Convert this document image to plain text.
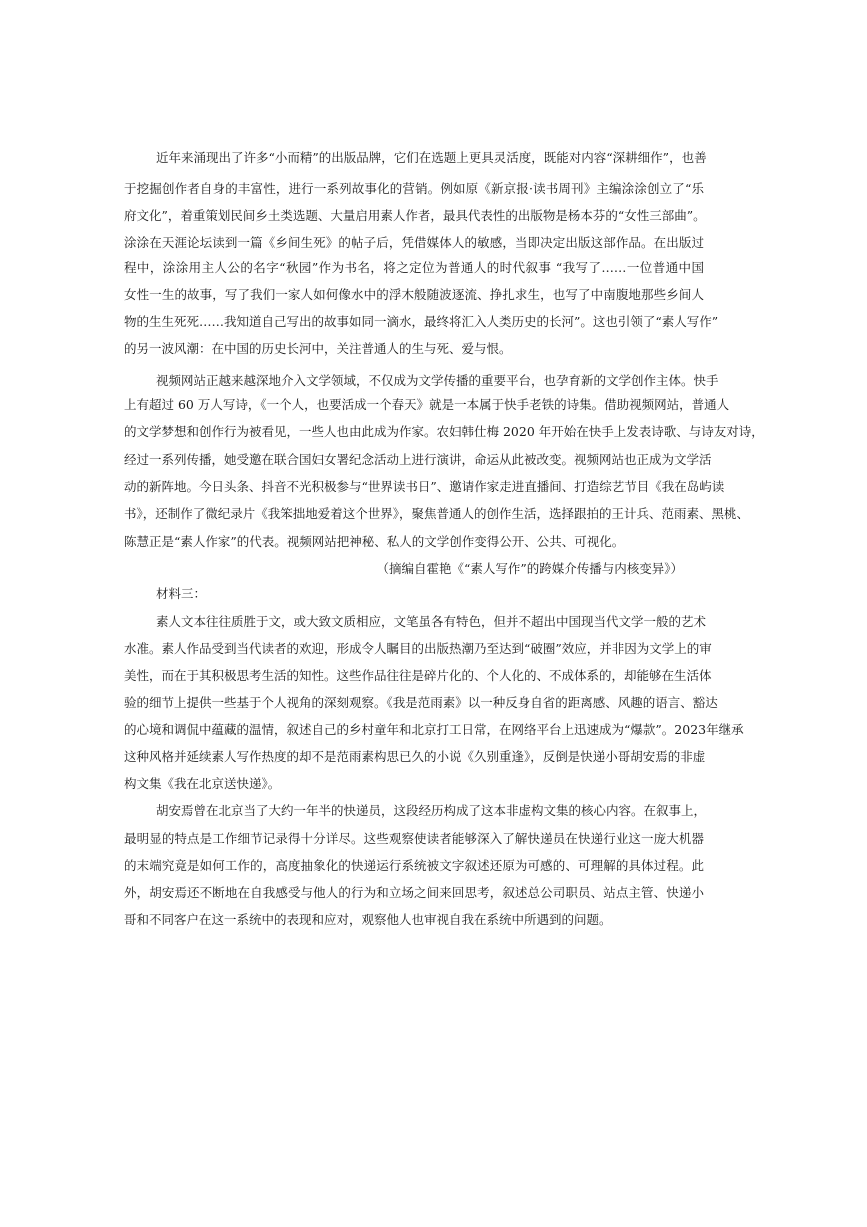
近年来涌现出了许多“小而精”的出版品牌，它们在选题上更具灵活度，既能对内容“深耕细作”，也善
于挖掘创作者自身的丰富性，进行一系列故事化的营销。例如原《新京报·读书周刊》主编涂涂创立了“乐
府文化”，着重策划民间乡土类选题、大量启用素人作者，最具代表性的出版物是杨本芬的“女性三部曲”。
涂涂在天涯论坛读到一篇《乡间生死》的帖子后，凭借媒体人的敏感，当即决定出版这部作品。在出版过
程中，涂涂用主人公的名字“秋园”作为书名，将之定位为普通人的时代叙事 “我写了……一位普通中国
女性一生的故事，写了我们一家人如何像水中的浮木般随波逐流、挣扎求生，也写了中南腹地那些乡间人
物的生生死死……我知道自己写出的故事如同一滴水，最终将汇入人类历史的长河”。这也引领了“素人写作”
的另一波风潮：在中国的历史长河中，关注普通人的生与死、爱与恨。
视频网站正越来越深地介入文学领域，不仅成为文学传播的重要平台，也孕育新的文学创作主体。快手
上有超过 60 万人写诗，《一个人，也要活成一个春天》就是一本属于快手老铁的诗集。借助视频网站，普通人
的文学梦想和创作行为被看见，一些人也由此成为作家。农妇韩仕梅 2020 年开始在快手上发表诗歌、与诗友对诗，
经过一系列传播，她受邀在联合国妇女署纪念活动上进行演讲，命运从此被改变。视频网站也正成为文学活
动的新阵地。今日头条、抖音不光积极参与“世界读书日”、邀请作家走进直播间、打造综艺节目《我在岛屿读
书》，还制作了微纪录片《我笨拙地爱着这个世界》，聚焦普通人的创作生活，选择跟拍的王计兵、范雨素、黑桃、
陈慧正是“素人作家”的代表。视频网站把神秘、私人的文学创作变得公开、公共、可视化。
（摘编自霍艳《“素人写作”的跨媒介传播与内核变异》）
材料三：
素人文本往往质胜于文，或大致文质相应，文笔虽各有特色，但并不超出中国现当代文学一般的艺术
水准。素人作品受到当代读者的欢迎，形成令人瞩目的出版热潮乃至达到“破圈”效应，并非因为文学上的审
美性，而在于其积极思考生活的知性。这些作品往往是碎片化的、个人化的、不成体系的，却能够在生活体
验的细节上提供一些基于个人视角的深刻观察。《我是范雨素》以一种反身自省的距离感、风趣的语言、豁达
的心境和调侃中蕴藏的温情，叙述自己的乡村童年和北京打工日常，在网络平台上迅速成为“爆款”。2023年继承
这种风格并延续素人写作热度的却不是范雨素构思已久的小说《久别重逢》，反倒是快递小哥胡安焉的非虚
构文集《我在北京送快递》。
胡安焉曾在北京当了大约一年半的快递员，这段经历构成了这本非虚构文集的核心内容。在叙事上，
最明显的特点是工作细节记录得十分详尽。这些观察使读者能够深入了解快递员在快递行业这一庞大机器
的末端究竟是如何工作的，高度抽象化的快递运行系统被文字叙述还原为可感的、可理解的具体过程。此
外，胡安焉还不断地在自我感受与他人的行为和立场之间来回思考，叙述总公司职员、站点主管、快递小
哥和不同客户在这一系统中的表现和应对，观察他人也审视自我在系统中所遇到的问题。
